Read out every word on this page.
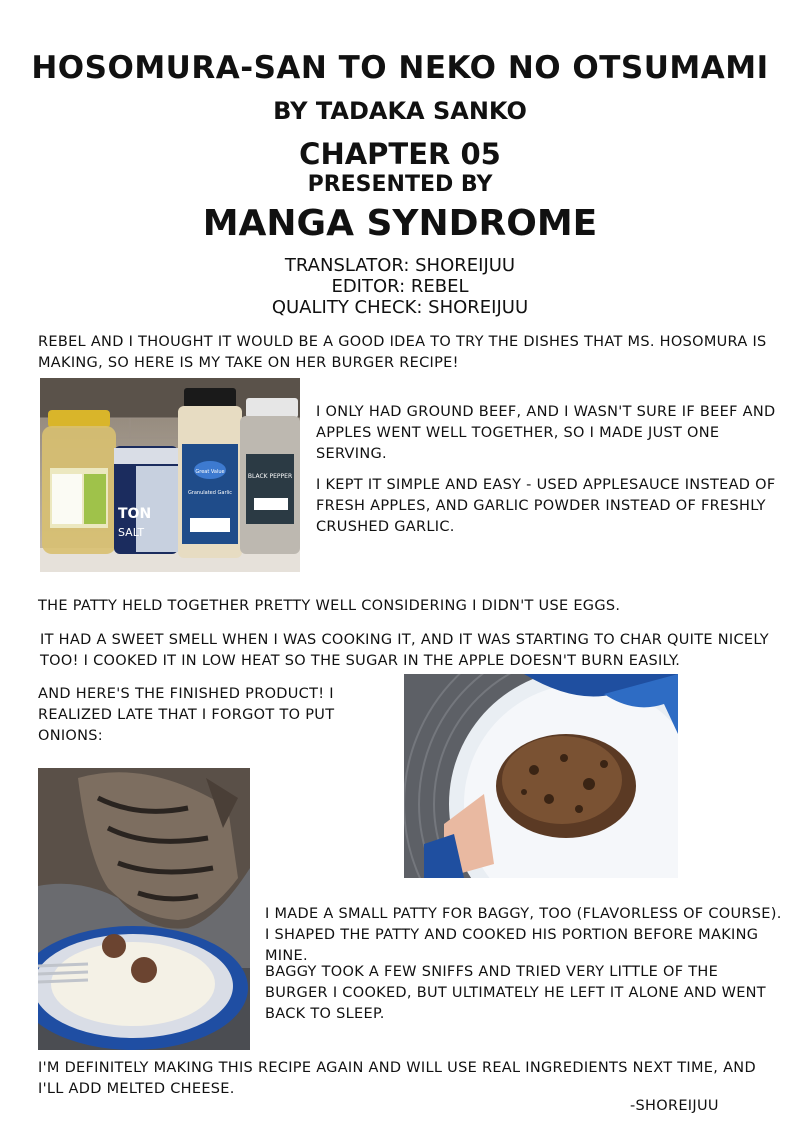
HOSOMURA-SAN TO NEKO NO OTSUMAMI
BY TADAKA SANKO
CHAPTER 05
PRESENTED BY
MANGA SYNDROME
TRANSLATOR: SHOREIJUU
EDITOR: REBEL
QUALITY CHECK: SHOREIJUU
REBEL AND I THOUGHT IT WOULD BE A GOOD IDEA TO TRY THE DISHES THAT MS. HOSOMURA IS MAKING, SO HERE IS MY TAKE ON HER BURGER RECIPE!
TON
SALT
Great Value
Granulated Garlic
BLACK PEPPER
I ONLY HAD GROUND BEEF, AND I WASN'T SURE IF BEEF AND APPLES WENT WELL TOGETHER, SO I MADE JUST ONE SERVING.
I KEPT IT SIMPLE AND EASY - USED APPLESAUCE INSTEAD OF FRESH APPLES, AND GARLIC POWDER INSTEAD OF FRESHLY CRUSHED GARLIC.
THE PATTY HELD TOGETHER PRETTY WELL CONSIDERING I DIDN'T USE EGGS.
IT HAD A SWEET SMELL WHEN I WAS COOKING IT, AND IT WAS STARTING TO CHAR QUITE NICELY TOO! I COOKED IT IN LOW HEAT SO THE SUGAR IN THE APPLE DOESN'T BURN EASILY.
AND HERE'S THE FINISHED PRODUCT! I REALIZED LATE THAT I FORGOT TO PUT ONIONS:
I MADE A SMALL PATTY FOR BAGGY, TOO (FLAVORLESS OF COURSE). I SHAPED THE PATTY AND COOKED HIS PORTION BEFORE MAKING MINE.
BAGGY TOOK A FEW SNIFFS AND TRIED VERY LITTLE OF THE BURGER I COOKED, BUT ULTIMATELY HE LEFT IT ALONE AND WENT BACK TO SLEEP.
I'M DEFINITELY MAKING THIS RECIPE AGAIN AND WILL USE REAL INGREDIENTS NEXT TIME, AND I'LL ADD MELTED CHEESE.
-SHOREIJUU
